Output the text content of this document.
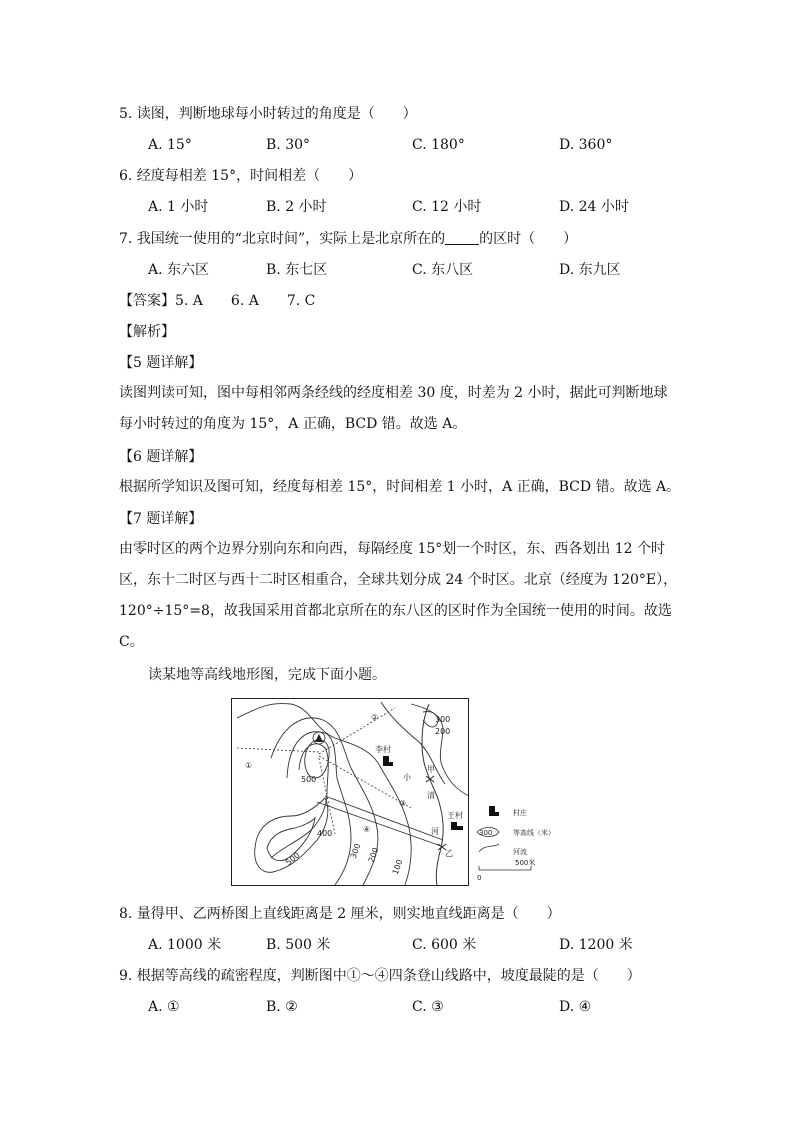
5. 读图，判断地球每小时转过的角度是（　　）
A. 15°	B. 30°	C. 180°	D. 360°
6. 经度每相差 15°，时间相差（　　）
A. 1 小时	B. 2 小时	C. 12 小时	D. 24 小时
7. 我国统一使用的“北京时间”，实际上是北京所在的 的区时（　　）
A. 东六区	B. 东七区	C. 东八区	D. 东九区
【答案】5. A　　6. A　　7. C
【解析】
【5 题详解】
读图判读可知，图中每相邻两条经线的经度相差 30 度，时差为 2 小时，据此可判断地球每小时转过的角度为 15°，A 正确，BCD 错。故选 A。
【6 题详解】
根据所学知识及图可知，经度每相差 15°，时间相差 1 小时，A 正确，BCD 错。故选 A。
【7 题详解】
由零时区的两个边界分别向东和向西，每隔经度 15°划一个时区，东、西各划出 12 个时区，东十二时区与西十二时区相重合，全球共划分成 24 个时区。北京（经度为 120°E），120°÷15°=8，故我国采用首都北京所在的东八区的区时作为全国统一使用的时间。故选 C。
读某地等高线地形图，完成下面小题。
300
200
500
400
300 200
100
500
①
②
③
④
李村
王村
甲
乙
小
清
河
村庄
300	等高线（米）
河流
0
500米
8. 量得甲、乙两桥图上直线距离是 2 厘米，则实地直线距离是（　　）
A. 1000 米	B. 500 米	C. 600 米	D. 1200 米
9. 根据等高线的疏密程度，判断图中①～④四条登山线路中，坡度最陡的是（　　）
A. ①	B. ②	C. ③	D. ④
